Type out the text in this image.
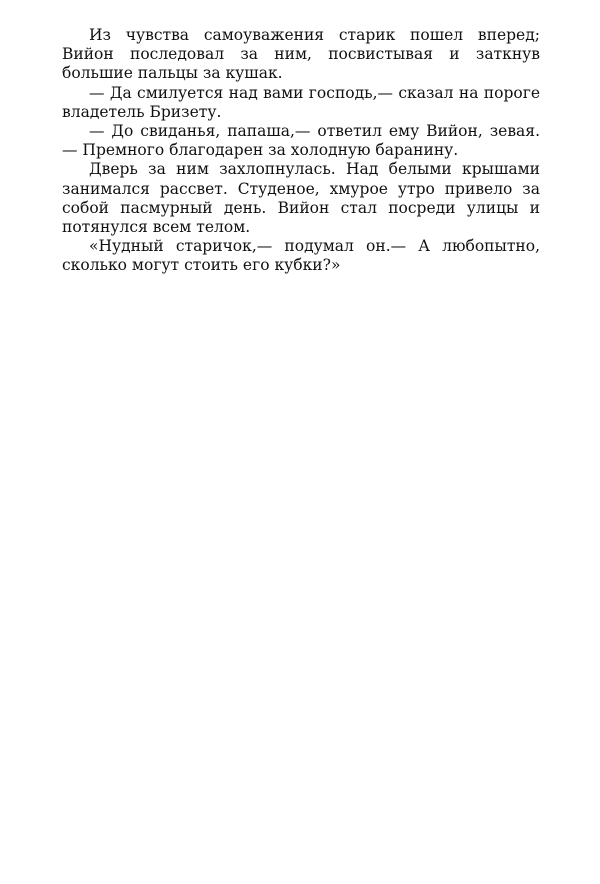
Из чувства самоуважения старик пошел вперед; Вийон последовал за ним, посвистывая и заткнув большие пальцы за кушак.

— Да смилуется над вами господь,— сказал на пороге владетель Бризету.

— До свиданья, папаша,— ответил ему Вийон, зевая.— Премного благодарен за холодную баранину.

Дверь за ним захлопнулась. Над белыми крышами занимался рассвет. Студеное, хмурое утро привело за собой пасмурный день. Вийон стал посреди улицы и потянулся всем телом.

«Нудный старичок,— подумал он.— А любопытно, сколько могут стоить его кубки?»
